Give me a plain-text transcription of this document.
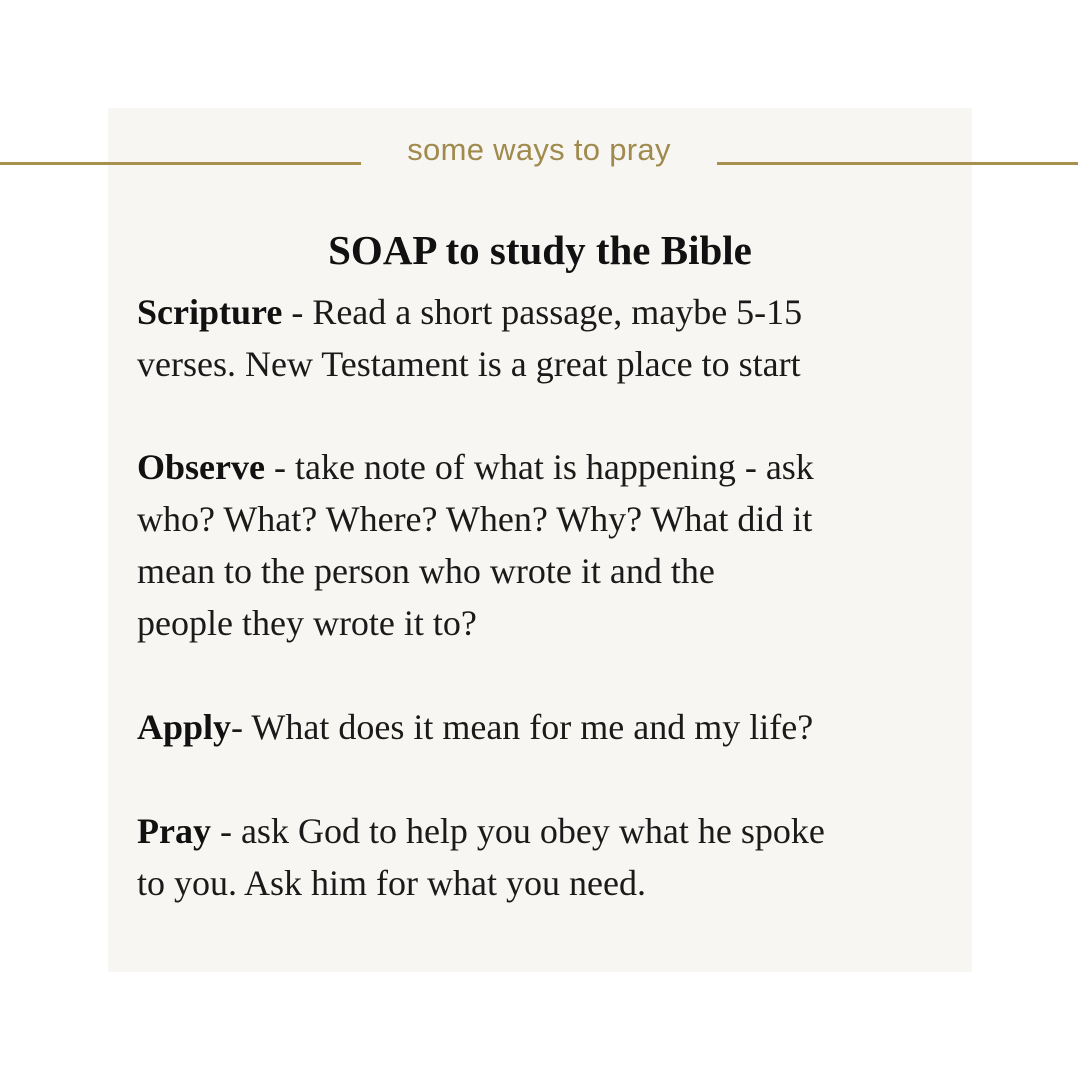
some ways to pray
SOAP to study the Bible

Scripture - Read a short passage, maybe 5-15
verses. New Testament is a great place to start

Observe - take note of what is happening - ask
who? What? Where? When? Why? What did it
mean to the person who wrote it and the
people they wrote it to?

Apply- What does it mean for me and my life?

Pray - ask God to help you obey what he spoke
to you. Ask him for what you need.
